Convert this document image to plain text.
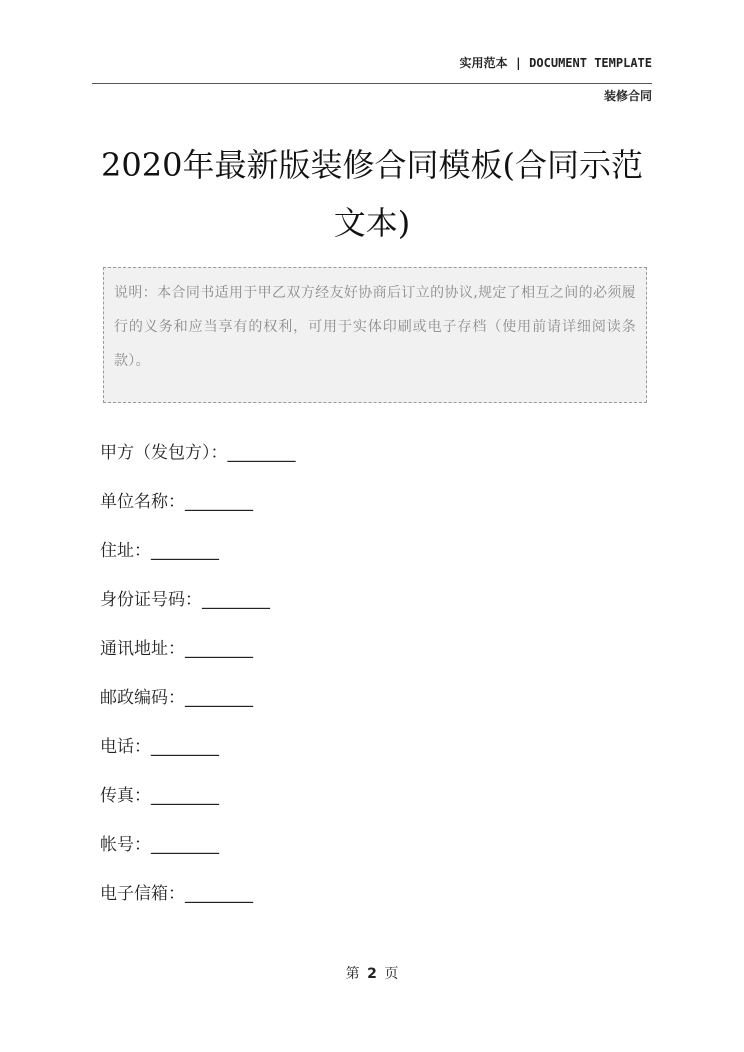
实用范本 | DOCUMENT TEMPLATE
装修合同
2020年最新版装修合同模板(合同示范文本)
说明：本合同书适用于甲乙双方经友好协商后订立的协议,规定了相互之间的必须履行的义务和应当享有的权利，可用于实体印刷或电子存档（使用前请详细阅读条款）。
甲方（发包方）：________
单位名称：________
住址：________
身份证号码：________
通讯地址：________
邮政编码：________
电话：________
传真：________
帐号：________
电子信箱：________
第 2 页
